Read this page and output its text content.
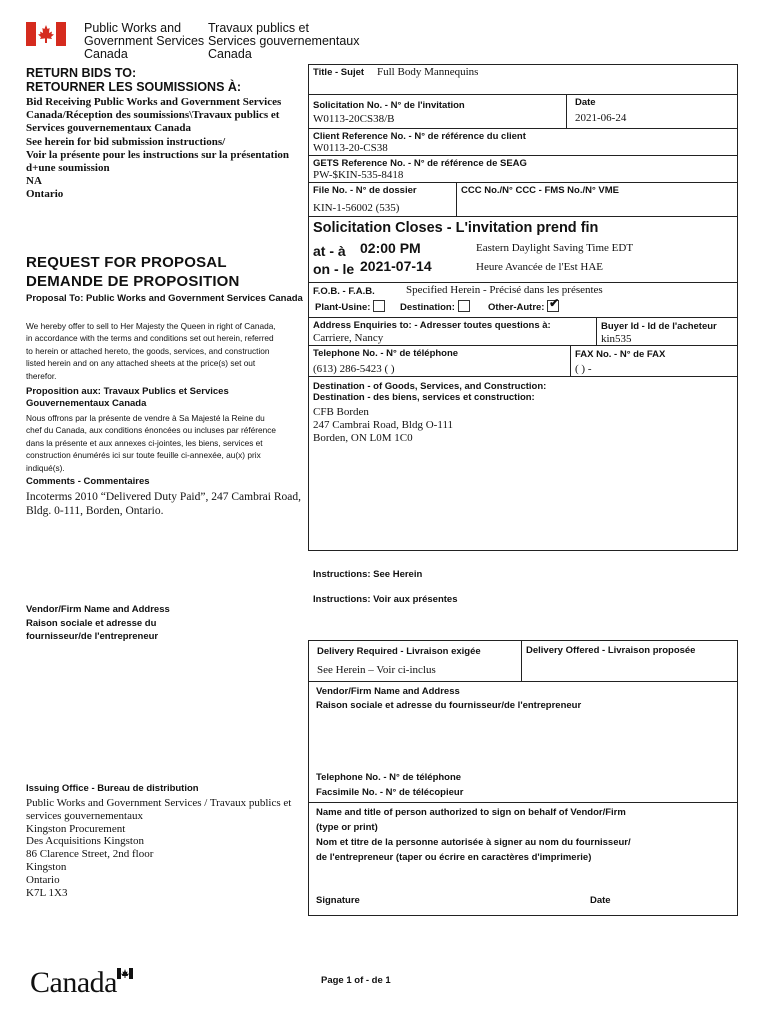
Public Works and
Government Services
Canada
Travaux publics et
Services gouvernementaux
Canada
RETURN BIDS TO:
RETOURNER LES SOUMISSIONS À:
Bid Receiving Public Works and Government Services Canada/Réception des soumissions\Travaux publics et Services gouvernementaux Canada
See herein for bid submission instructions/
Voir la présente pour les instructions sur la présentation d+une soumission
NA
Ontario
REQUEST FOR PROPOSAL
DEMANDE DE PROPOSITION
Proposal To: Public Works and Government Services Canada
We hereby offer to sell to Her Majesty the Queen in right of Canada, in accordance with the terms and conditions set out herein, referred to herein or attached hereto, the goods, services, and construction listed herein and on any attached sheets at the price(s) set out therefor.
Proposition aux: Travaux Publics et Services Gouvernementaux Canada
Nous offrons par la présente de vendre à Sa Majesté la Reine du chef du Canada, aux conditions énoncées ou incluses par référence dans la présente et aux annexes ci-jointes, les biens, services et construction énumérés ici sur toute feuille ci-annexée, au(x) prix indiqué(s).
Comments - Commentaires
Incoterms 2010 “Delivered Duty Paid”, 247 Cambrai Road, Bldg. 0-111, Borden, Ontario.
Vendor/Firm Name and Address
Raison sociale et adresse du
fournisseur/de l'entrepreneur
Issuing Office - Bureau de distribution
Public Works and Government Services / Travaux publics et services gouvernementaux
Kingston Procurement
Des Acquisitions Kingston
86 Clarence Street, 2nd floor
Kingston
Ontario
K7L 1X3
Title - Sujet Full Body Mannequins
Solicitation No. - N° de l'invitation
W0113-20CS38/B
Date
2021-06-24
Client Reference No. - N° de référence du client
W0113-20-CS38
GETS Reference No. - N° de référence de SEAG
PW-$KIN-535-8418
File No. - N° de dossier
KIN-1-56002 (535)
CCC No./N° CCC - FMS No./N° VME
Solicitation Closes - L'invitation prend fin
at - à 02:00 PM
on - le 2021-07-14
Eastern Daylight Saving Time EDT
Heure Avancée de l'Est HAE
F.O.B. - F.A.B.	Specified Herein - Précisé dans les présentes
Plant-Usine:	Destination:	Other-Autre: ✔
Address Enquiries to: - Adresser toutes questions à:
Carriere, Nancy
Buyer Id - Id de l'acheteur
kin535
Telephone No. - N° de téléphone
(613) 286-5423 ( )
FAX No. - N° de FAX
( ) -
Destination - of Goods, Services, and Construction:
Destination - des biens, services et construction:
CFB Borden
247 Cambrai Road, Bldg O-111
Borden, ON L0M 1C0
Instructions: See Herein
Instructions: Voir aux présentes
Delivery Required - Livraison exigée
See Herein – Voir ci-inclus
Delivery Offered - Livraison proposée
Vendor/Firm Name and Address
Raison sociale et adresse du fournisseur/de l'entrepreneur
Telephone No. - N° de téléphone
Facsimile No. - N° de télécopieur
Name and title of person authorized to sign on behalf of Vendor/Firm
(type or print)
Nom et titre de la personne autorisée à signer au nom du fournisseur/
de l'entrepreneur (taper ou écrire en caractères d'imprimerie)
Signature	Date
Canada	Page 1 of - de 1
